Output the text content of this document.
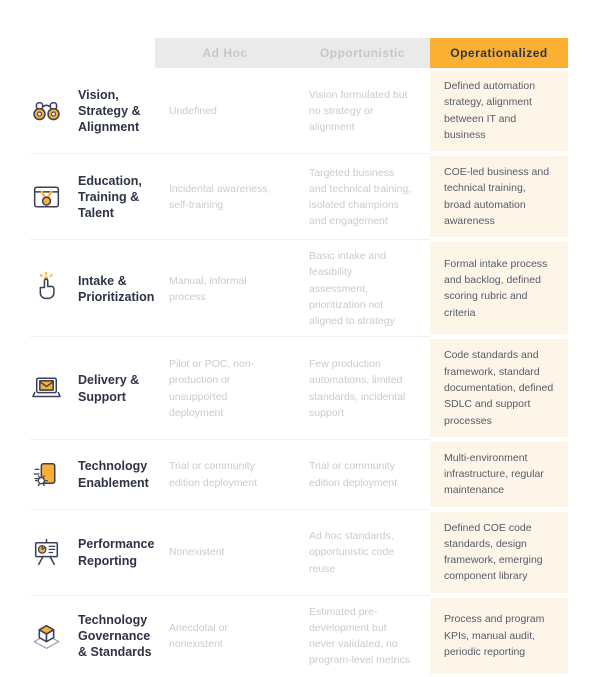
Ad Hoc	Opportunistic	Operationalized
Vision, Strategy & Alignment
Undefined
Vision formulated but no strategy or alignment
Defined automation strategy, alignment between IT and business
Education, Training & Talent
Incidental awareness, self-training
Targeted business and technical training, isolated champions and engagement
COE-led business and technical training, broad automation awareness
Intake & Prioritization
Manual, informal process
Basic intake and feasibility assessment, prioritization not aligned to strategy
Formal intake process and backlog, defined scoring rubric and criteria
Delivery & Support
Pilot or POC, non-production or unsupported deployment
Few production automations, limited standards, incidental support
Code standards and framework, standard documentation, defined SDLC and support processes
Technology Enablement
Trial or community edition deployment
Trial or community edition deployment
Multi-environment infrastructure, regular maintenance
Performance Reporting
Nonexistent
Ad hoc standards, opportunistic code reuse
Defined COE code standards, design framework, emerging component library
Technology Governance & Standards
Anecdotal or nonexistent
Estimated pre-development but never validated, no program-level metrics
Process and program KPIs, manual audit, periodic reporting
